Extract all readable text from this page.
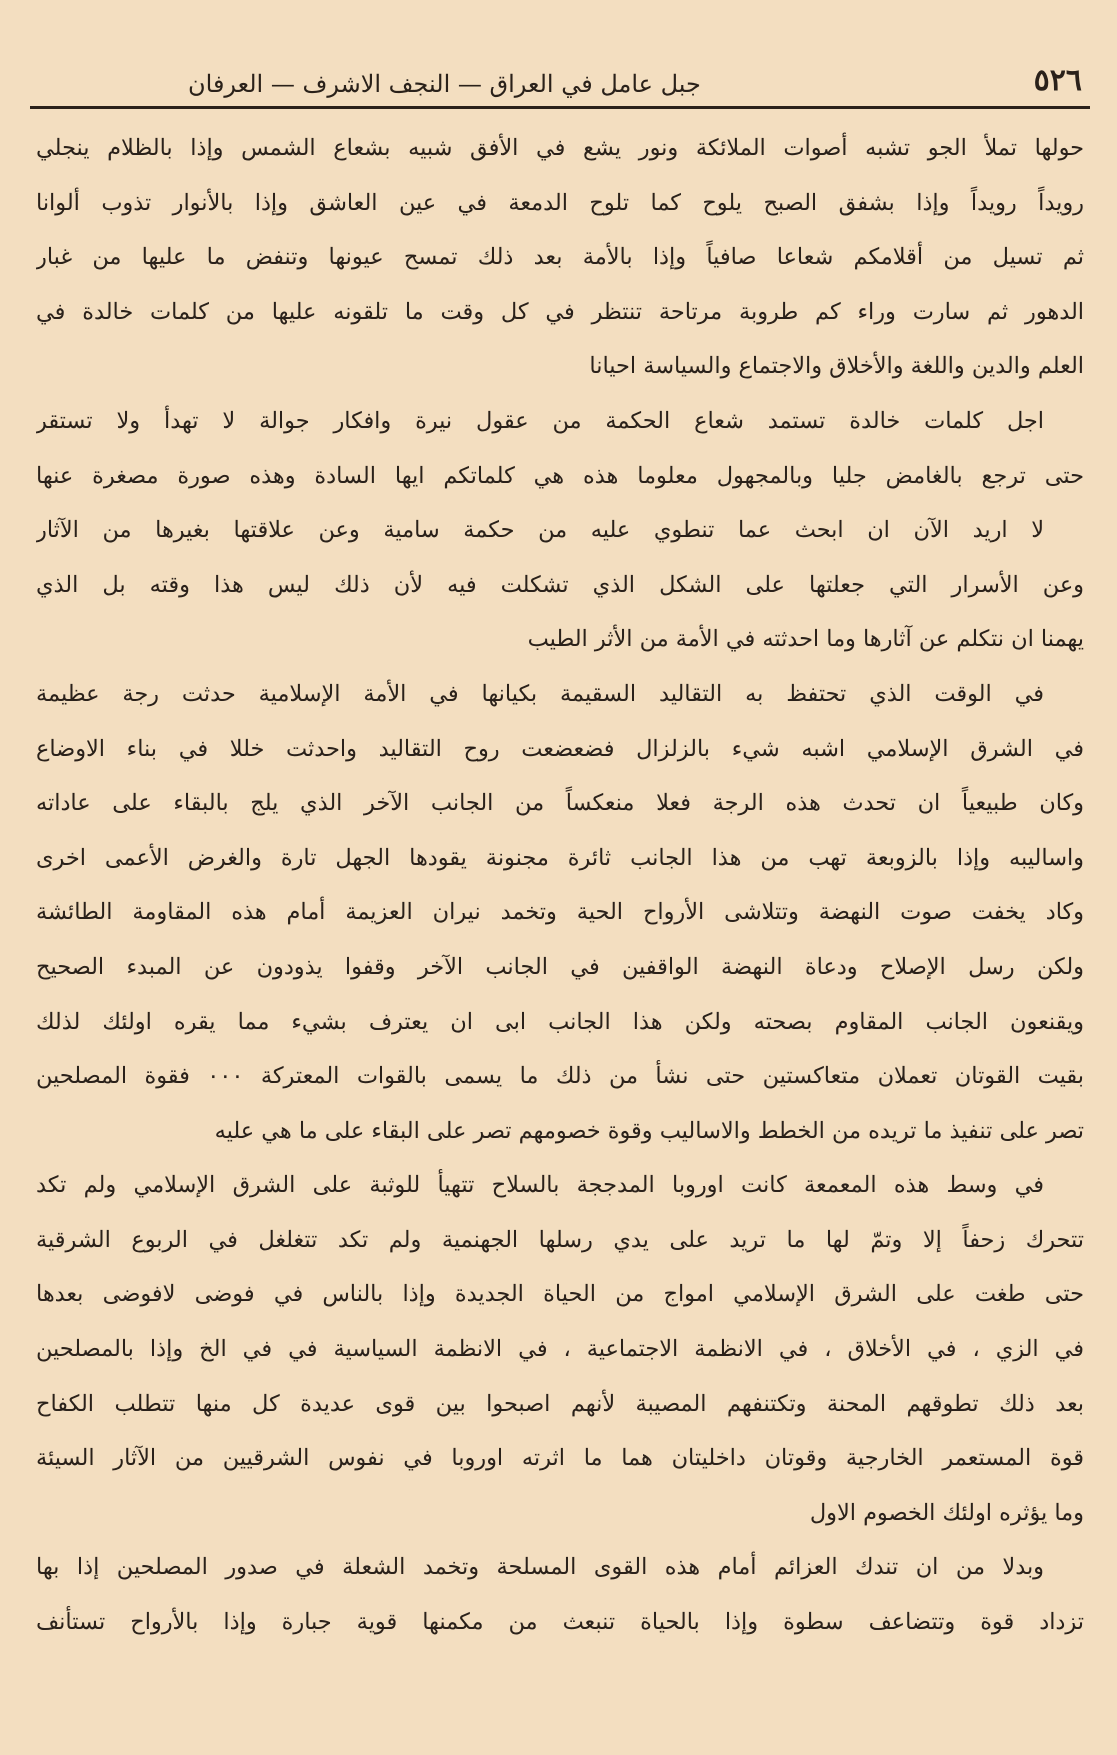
٥٢٦
جبل عامل في العراق — النجف الاشرف — العرفان
حولها تملأ الجو تشبه أصوات الملائكة ونور يشع في الأفق شبيه بشعاع الشمس وإذا بالظلام ينجلي
رويداً رويداً وإذا بشفق الصبح يلوح كما تلوح الدمعة في عين العاشق وإذا بالأنوار تذوب ألوانا
ثم تسيل من أقلامكم شعاعا صافياً وإذا بالأمة بعد ذلك تمسح عيونها وتنفض ما عليها من غبار
الدهور ثم سارت وراء كم طروبة مرتاحة تنتظر في كل وقت ما تلقونه عليها من كلمات خالدة في
العلم والدين واللغة والأخلاق والاجتماع والسياسة احيانا
اجل كلمات خالدة تستمد شعاع الحكمة من عقول نيرة وافكار جوالة لا تهدأ ولا تستقر
حتى ترجع بالغامض جليا وبالمجهول معلوما هذه هي كلماتكم ايها السادة وهذه صورة مصغرة عنها
لا اريد الآن ان ابحث عما تنطوي عليه من حكمة سامية وعن علاقتها بغيرها من الآثار
وعن الأسرار التي جعلتها على الشكل الذي تشكلت فيه لأن ذلك ليس هذا وقته بل الذي
يهمنا ان نتكلم عن آثارها وما احدثته في الأمة من الأثر الطيب
في الوقت الذي تحتفظ به التقاليد السقيمة بكيانها في الأمة الإسلامية حدثت رجة عظيمة
في الشرق الإسلامي اشبه شيء بالزلزال فضعضعت روح التقاليد واحدثت خللا في بناء الاوضاع
وكان طبيعياً ان تحدث هذه الرجة فعلا منعكساً من الجانب الآخر الذي يلج بالبقاء على عاداته
واساليبه وإذا بالزوبعة تهب من هذا الجانب ثائرة مجنونة يقودها الجهل تارة والغرض الأعمى اخرى
وكاد يخفت صوت النهضة وتتلاشى الأرواح الحية وتخمد نيران العزيمة أمام هذه المقاومة الطائشة
ولكن رسل الإصلاح ودعاة النهضة الواقفين في الجانب الآخر وقفوا يذودون عن المبدء الصحيح
ويقنعون الجانب المقاوم بصحته ولكن هذا الجانب ابى ان يعترف بشيء مما يقره اولئك لذلك
بقيت القوتان تعملان متعاكستين حتى نشأ من ذلك ما يسمى بالقوات المعتركة ٠٠٠ فقوة المصلحين
تصر على تنفيذ ما تريده من الخطط والاساليب وقوة خصومهم تصر على البقاء على ما هي عليه
في وسط هذه المعمعة كانت اوروبا المدججة بالسلاح تتهيأ للوثبة على الشرق الإسلامي ولم تكد
تتحرك زحفاً إلا وتمّ لها ما تريد على يدي رسلها الجهنمية ولم تكد تتغلغل في الربوع الشرقية
حتى طغت على الشرق الإسلامي امواج من الحياة الجديدة وإذا بالناس في فوضى لافوضى بعدها
في الزي ، في الأخلاق ، في الانظمة الاجتماعية ، في الانظمة السياسية في في الخ وإذا بالمصلحين
بعد ذلك تطوقهم المحنة وتكتنفهم المصيبة لأنهم اصبحوا بين قوى عديدة كل منها تتطلب الكفاح
قوة المستعمر الخارجية وقوتان داخليتان هما ما اثرته اوروبا في نفوس الشرقيين من الآثار السيئة
وما يؤثره اولئك الخصوم الاول
وبدلا من ان تندك العزائم أمام هذه القوى المسلحة وتخمد الشعلة في صدور المصلحين إذا بها
تزداد قوة وتتضاعف سطوة وإذا بالحياة تنبعث من مكمنها قوية جبارة وإذا بالأرواح تستأنف
